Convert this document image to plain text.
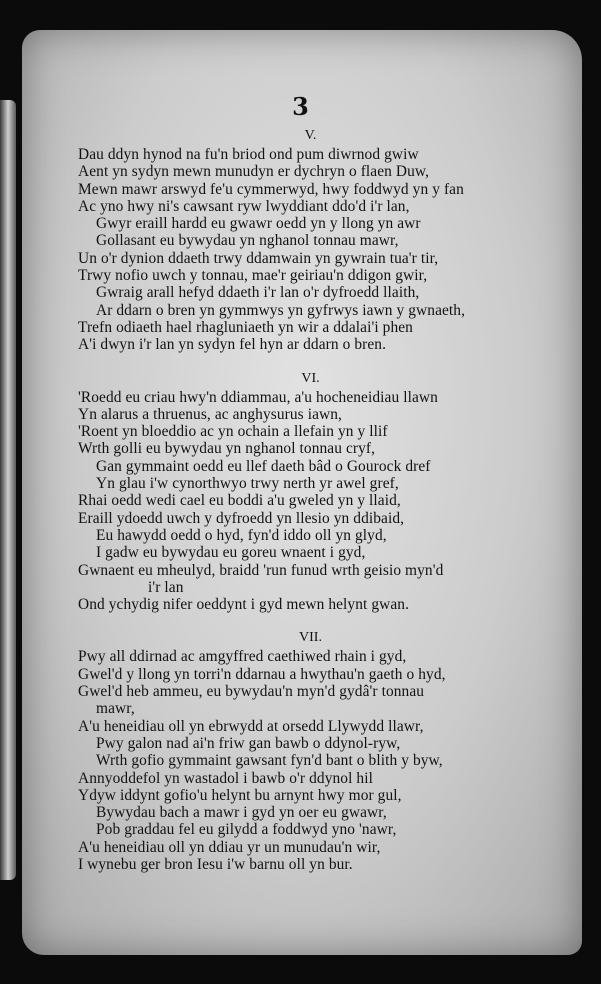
3
V.
Dau ddyn hynod na fu'n briod ond pum diwrnod gwiw
Aent yn sydyn mewn munudyn er dychryn o flaen Duw,
Mewn mawr arswyd fe'u cymmerwyd, hwy foddwyd yn y fan
Ac yno hwy ni's cawsant ryw lwyddiant ddo'd i'r lan,
Gwyr eraill hardd eu gwawr oedd yn y llong yn awr
Gollasant eu bywydau yn nghanol tonnau mawr,
Un o'r dynion ddaeth trwy ddamwain yn gywrain tua'r tir,
Trwy nofio uwch y tonnau, mae'r geiriau'n ddigon gwir,
Gwraig arall hefyd ddaeth i'r lan o'r dyfroedd llaith,
Ar ddarn o bren yn gymmwys yn gyfrwys iawn y gwnaeth,
Trefn odiaeth hael rhagluniaeth yn wir a ddalai'i phen
A'i dwyn i'r lan yn sydyn fel hyn ar ddarn o bren.
VI.
'Roedd eu criau hwy'n ddiammau, a'u hocheneidiau llawn
Yn alarus a thruenus, ac anghysurus iawn,
'Roent yn bloeddio ac yn ochain a llefain yn y llif
Wrth golli eu bywydau yn nghanol tonnau cryf,
Gan gymmaint oedd eu llef daeth bâd o Gourock dref
Yn glau i'w cynorthwyo trwy nerth yr awel gref,
Rhai oedd wedi cael eu boddi a'u gweled yn y llaid,
Eraill ydoedd uwch y dyfroedd yn llesio yn ddibaid,
Eu hawydd oedd o hyd, fyn'd iddo oll yn glyd,
I gadw eu bywydau eu goreu wnaent i gyd,
Gwnaent eu mheulyd, braidd 'run funud wrth geisio myn'd
i'r lan
Ond ychydig nifer oeddynt i gyd mewn helynt gwan.
VII.
Pwy all ddirnad ac amgyffred caethiwed rhain i gyd,
Gwel'd y llong yn torri'n ddarnau a hwythau'n gaeth o hyd,
Gwel'd heb ammeu, eu bywydau'n myn'd gydâ'r tonnau
mawr,
A'u heneidiau oll yn ebrwydd at orsedd Llywydd llawr,
Pwy galon nad ai'n friw gan bawb o ddynol-ryw,
Wrth gofio gymmaint gawsant fyn'd bant o blith y byw,
Annyoddefol yn wastadol i bawb o'r ddynol hil
Ydyw iddynt gofio'u helynt bu arnynt hwy mor gul,
Bywydau bach a mawr i gyd yn oer eu gwawr,
Pob graddau fel eu gilydd a foddwyd yno 'nawr,
A'u heneidiau oll yn ddiau yr un munudau'n wir,
I wynebu ger bron Iesu i'w barnu oll yn bur.
